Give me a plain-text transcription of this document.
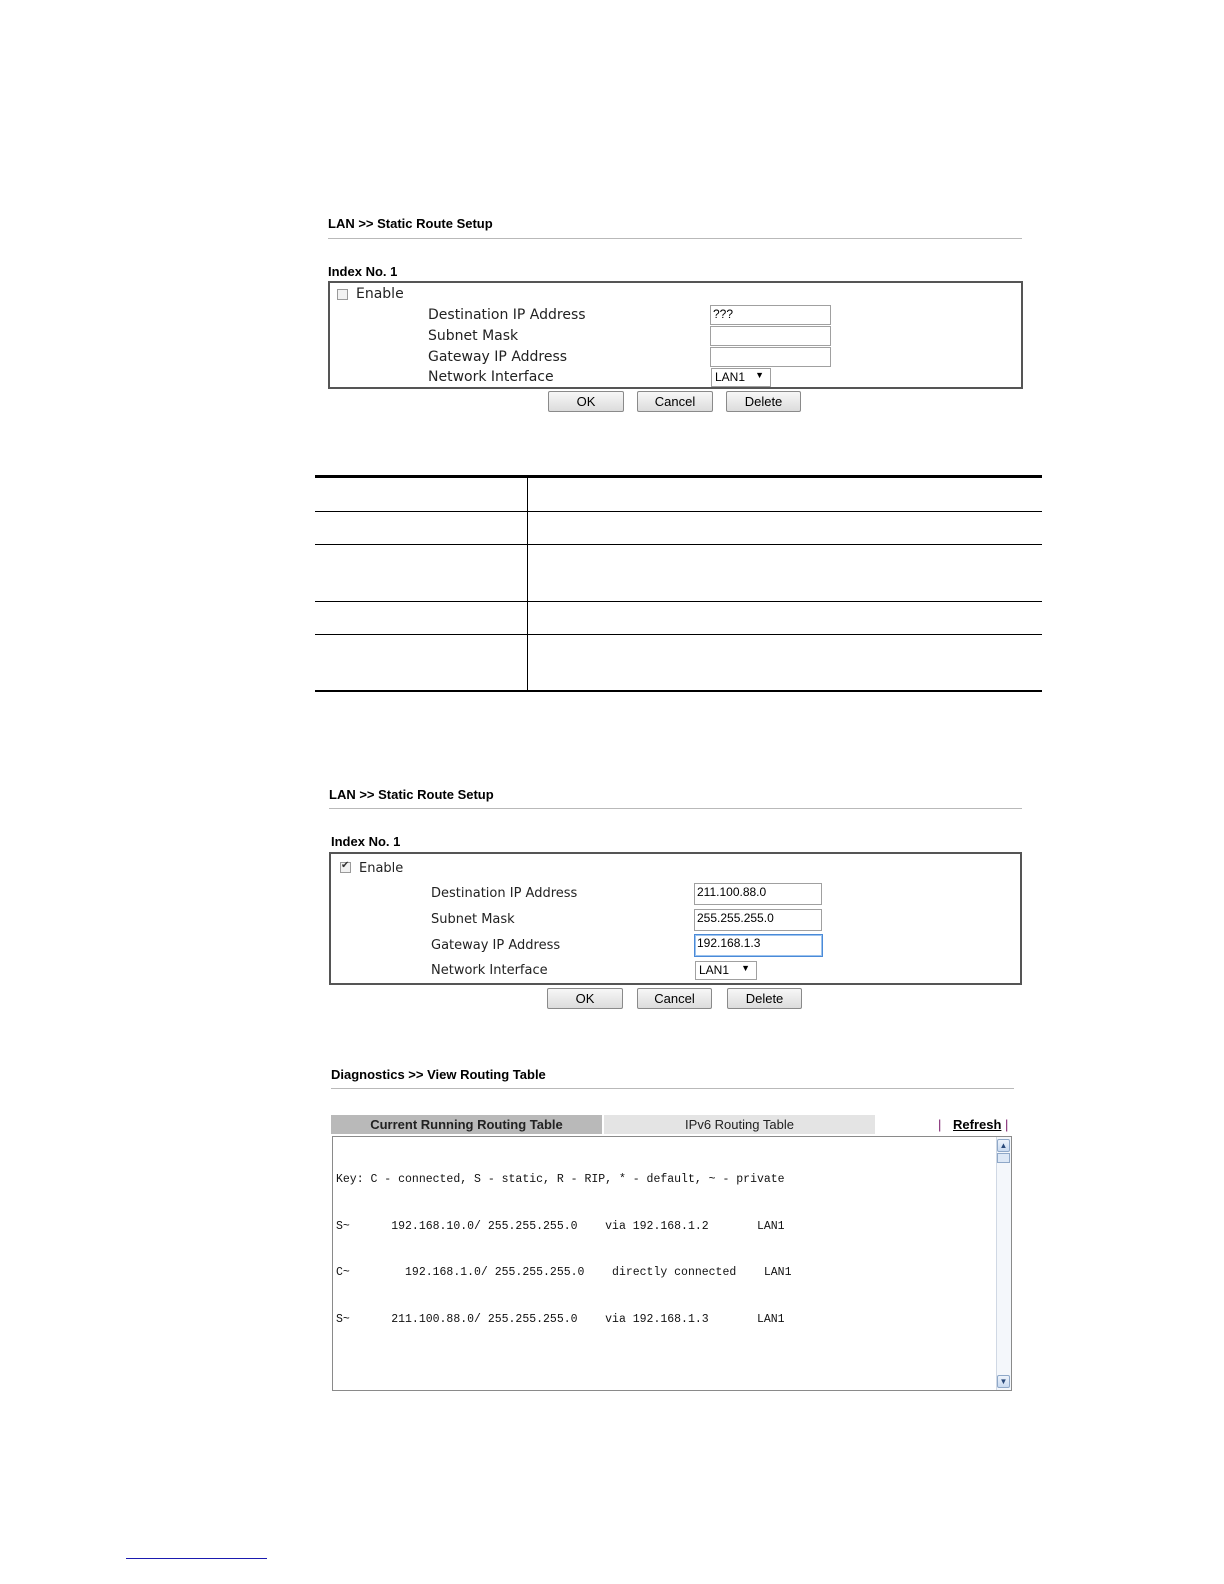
LAN >> Static Route Setup
Index No. 1
Enable
Destination IP Address	???
Subnet Mask
Gateway IP Address
Network Interface	LAN1 ▼
OK	Cancel	Delete
LAN >> Static Route Setup
Index No. 1
✔
Enable
Destination IP Address	211.100.88.0
Subnet Mask	255.255.255.0
Gateway IP Address	192.168.1.3
Network Interface	LAN1 ▼
OK	Cancel	Delete
Diagnostics >> View Routing Table
Current Running Routing Table	IPv6 Routing Table	| Refresh |

Key: C - connected, S - static, R - RIP, * - default, ~ - private

S~      192.168.10.0/ 255.255.255.0    via 192.168.1.2       LAN1

C~        192.168.1.0/ 255.255.255.0    directly connected    LAN1

S~      211.100.88.0/ 255.255.255.0    via 192.168.1.3       LAN1

▲
▼
